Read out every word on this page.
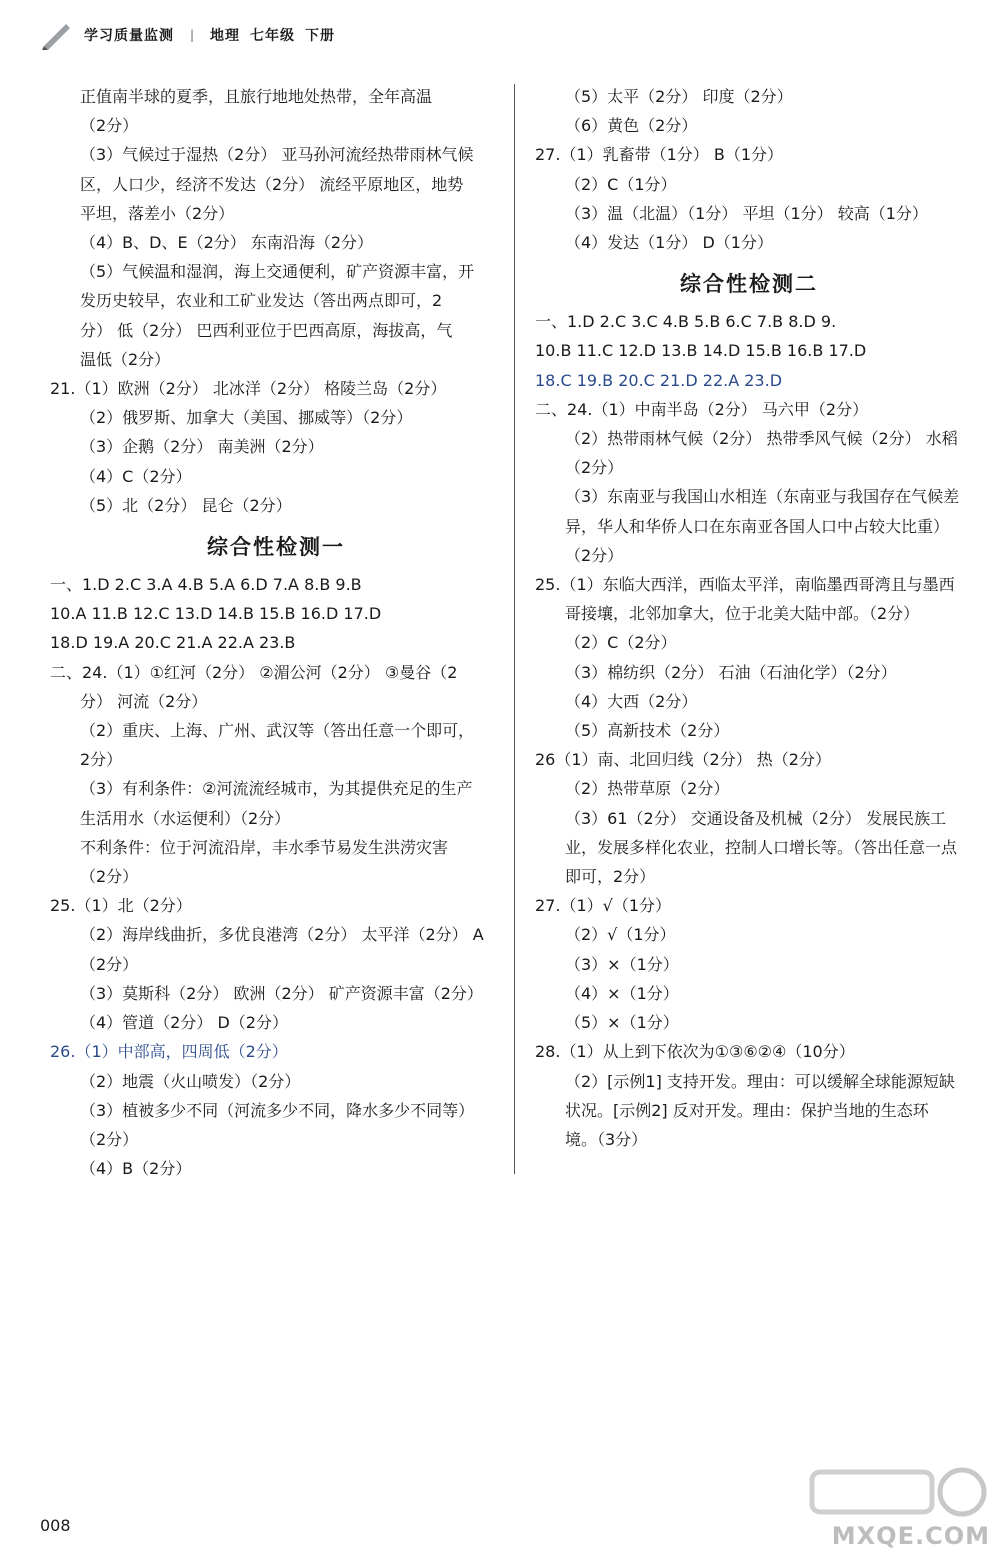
学习质量监测 | 地理 七年级 下册
正值南半球的夏季，且旅行地地处热带，全年高温
（2分）
（3）气候过于湿热（2分） 亚马孙河流经热带雨林气候
区，人口少，经济不发达（2分） 流经平原地区，地势
平坦，落差小（2分）
（4）B、D、E（2分） 东南沿海（2分）
（5）气候温和湿润，海上交通便利，矿产资源丰富，开
发历史较早，农业和工矿业发达（答出两点即可，2
分） 低（2分） 巴西利亚位于巴西高原，海拔高，气
温低（2分）
21.（1）欧洲（2分） 北冰洋（2分） 格陵兰岛（2分）
（2）俄罗斯、加拿大（美国、挪威等）（2分）
（3）企鹅（2分） 南美洲（2分）
（4）C（2分）
（5）北（2分） 昆仑（2分）
综合性检测一
一、1.D 2.C 3.A 4.B 5.A 6.D 7.A 8.B 9.B
10.A 11.B 12.C 13.D 14.B 15.B 16.D 17.D
18.D 19.A 20.C 21.A 22.A 23.B
二、24.（1）①红河（2分） ②湄公河（2分） ③曼谷（2
分） 河流（2分）
（2）重庆、上海、广州、武汉等（答出任意一个即可，
2分）
（3）有利条件：②河流流经城市，为其提供充足的生产
生活用水（水运便利）（2分）
不利条件：位于河流沿岸，丰水季节易发生洪涝灾害
（2分）
25.（1）北（2分）
（2）海岸线曲折，多优良港湾（2分） 太平洋（2分） A
（2分）
（3）莫斯科（2分） 欧洲（2分） 矿产资源丰富（2分）
（4）管道（2分） D（2分）
26.（1）中部高，四周低（2分）
（2）地震（火山喷发）（2分）
（3）植被多少不同（河流多少不同，降水多少不同等）
（2分）
（4）B（2分）
（5）太平（2分） 印度（2分）
（6）黄色（2分）
27.（1）乳畜带（1分） B（1分）
（2）C（1分）
（3）温（北温）（1分） 平坦（1分） 较高（1分）
（4）发达（1分） D（1分）
综合性检测二
一、1.D 2.C 3.C 4.B 5.B 6.C 7.B 8.D 9.
10.B 11.C 12.D 13.B 14.D 15.B 16.B 17.D
18.C 19.B 20.C 21.D 22.A 23.D
二、24.（1）中南半岛（2分） 马六甲（2分）
（2）热带雨林气候（2分） 热带季风气候（2分） 水稻
（2分）
（3）东南亚与我国山水相连（东南亚与我国存在气候差
异，华人和华侨人口在东南亚各国人口中占较大比重）
（2分）
25.（1）东临大西洋，西临太平洋，南临墨西哥湾且与墨西
哥接壤，北邻加拿大，位于北美大陆中部。（2分）
（2）C（2分）
（3）棉纺织（2分） 石油（石油化学）（2分）
（4）大西（2分）
（5）高新技术（2分）
26（1）南、北回归线（2分） 热（2分）
（2）热带草原（2分）
（3）61（2分） 交通设备及机械（2分） 发展民族工
业，发展多样化农业，控制人口增长等。（答出任意一点
即可，2分）
27.（1）√（1分）
（2）√（1分）
（3）×（1分）
（4）×（1分）
（5）×（1分）
28.（1）从上到下依次为①③⑥②④（10分）
（2）[示例1] 支持开发。理由：可以缓解全球能源短缺
状况。[示例2] 反对开发。理由：保护当地的生态环
境。（3分）
008	MXQE.COM
